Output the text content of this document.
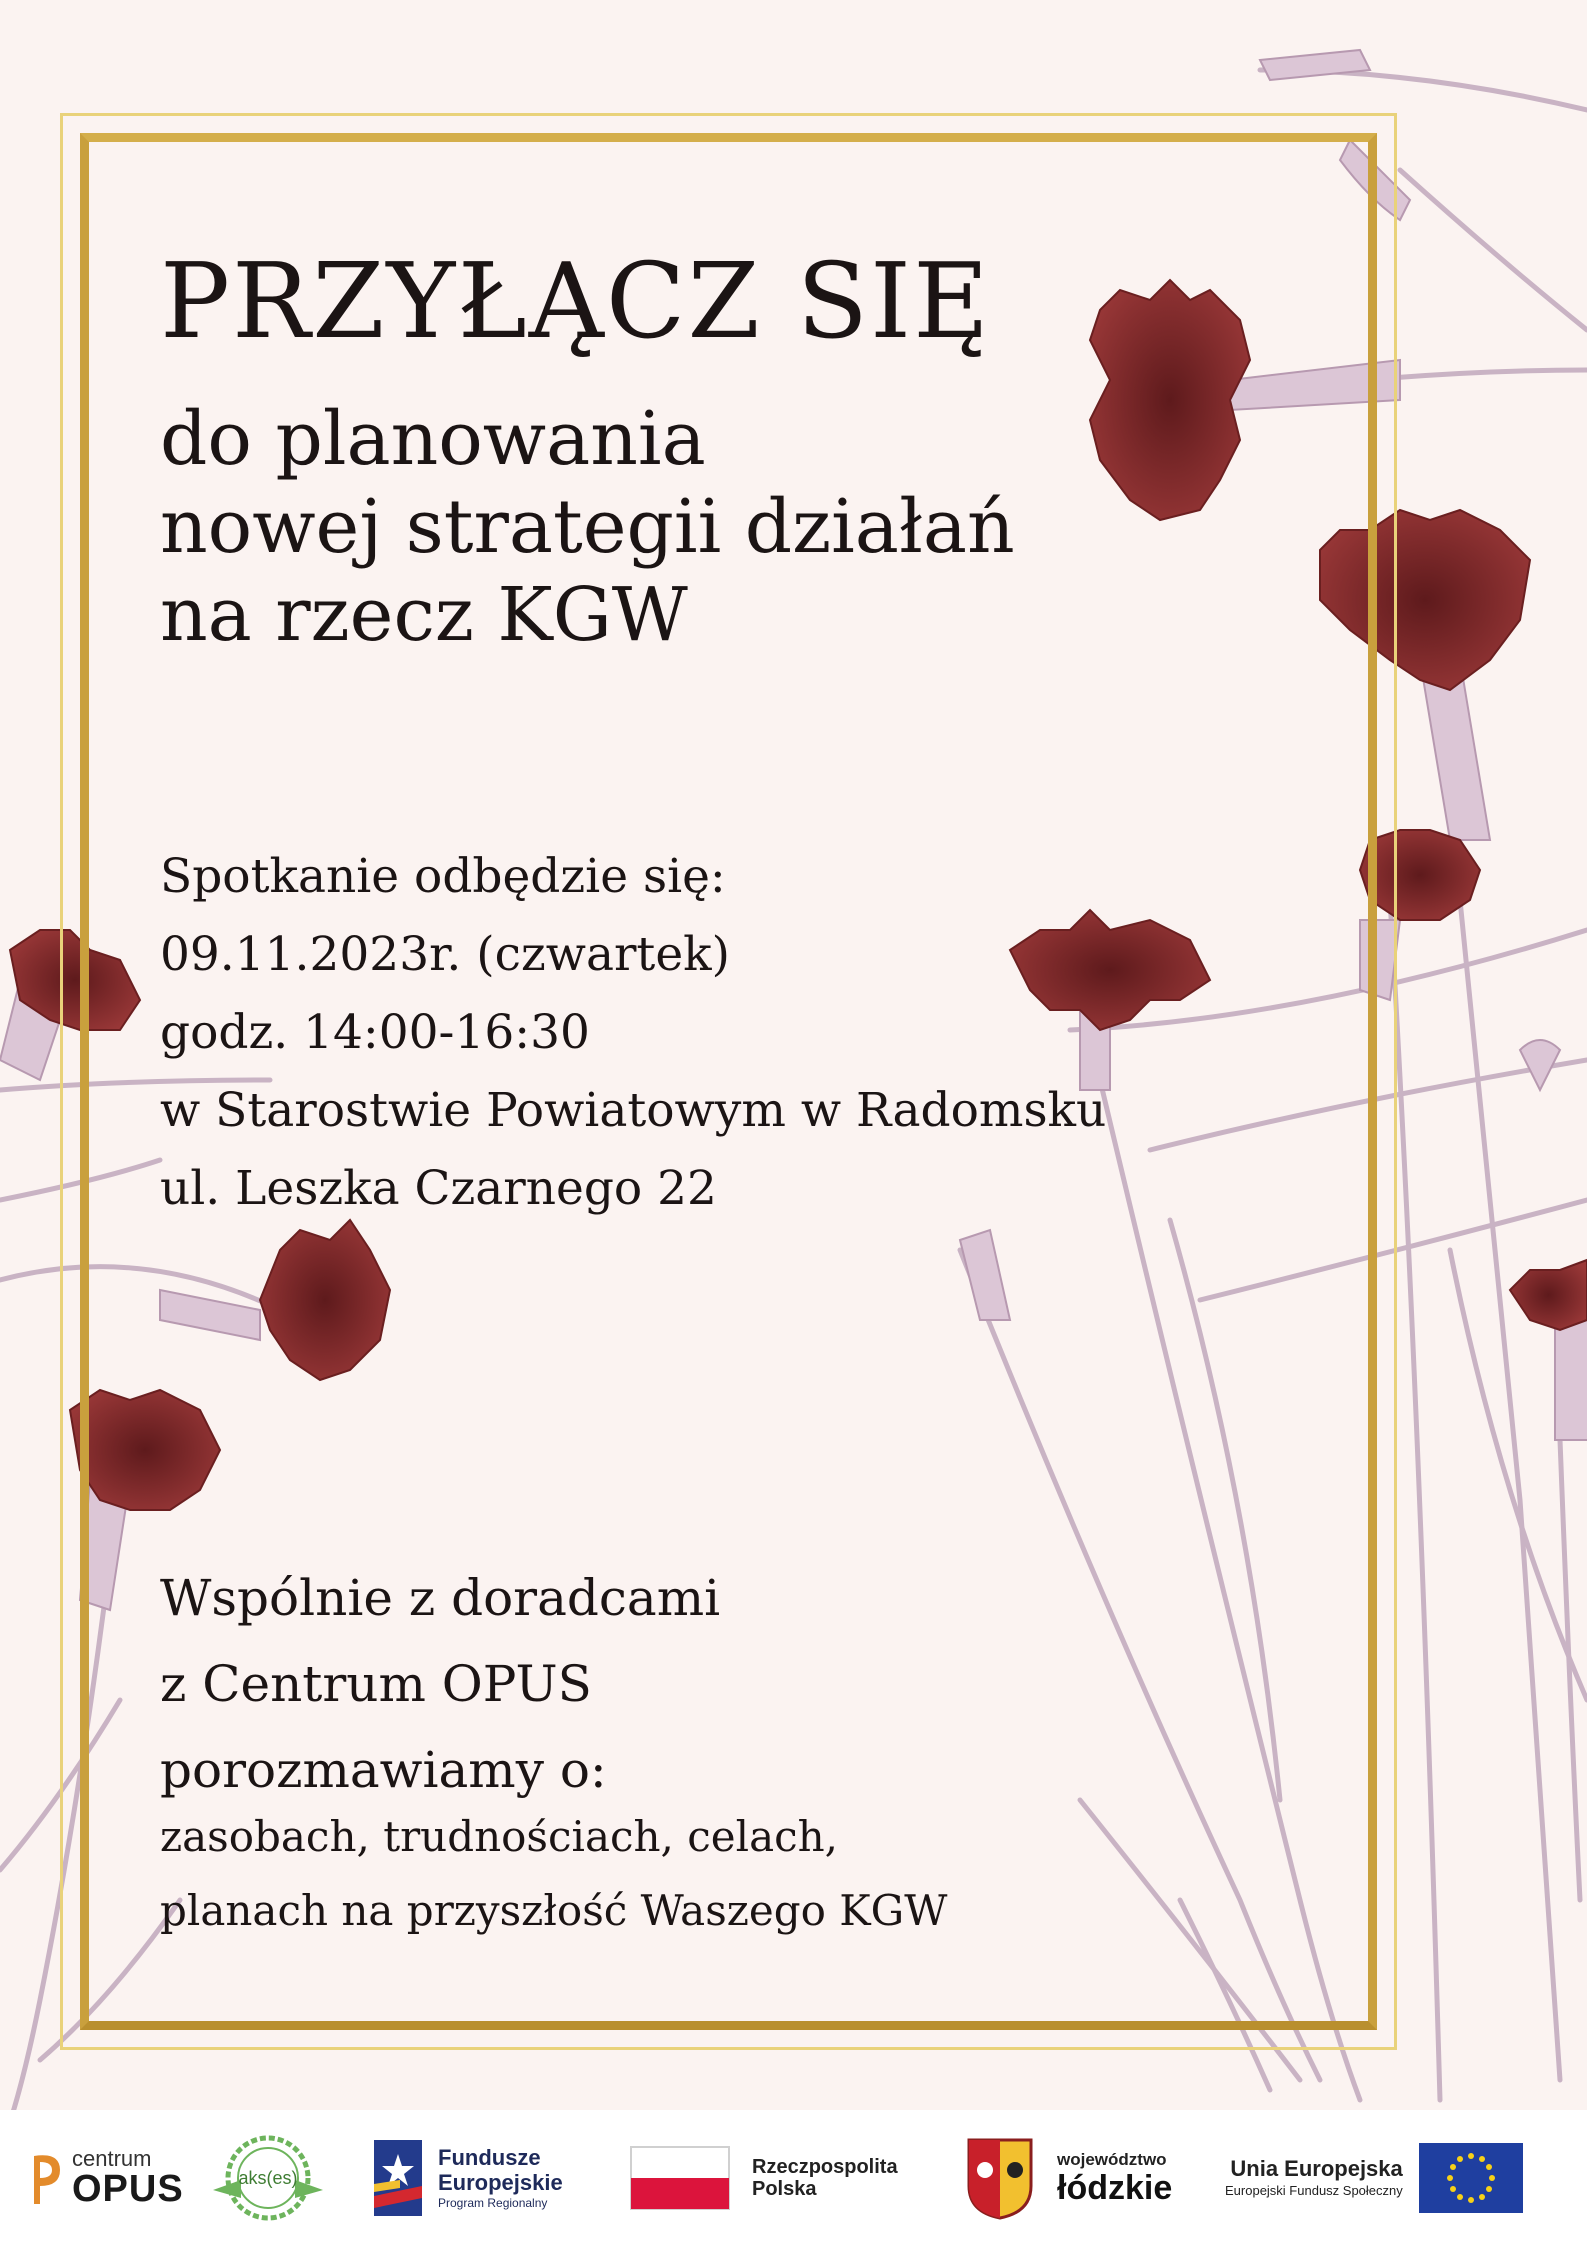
PRZYŁĄCZ SIĘ
do planowania
nowej strategii działań
na rzecz KGW

Spotkanie odbędzie się:
09.11.2023r. (czwartek)
godz. 14:00-16:30
w Starostwie Powiatowym w Radomsku
ul. Leszka Czarnego 22

Wspólnie z doradcami
z Centrum OPUS
porozmawiamy o:

zasobach, trudnościach, celach,
planach na przyszłość Waszego KGW

centrum
OPUS	aks(es)
Fundusze
Europejskie
Program Regionalny
Rzeczpospolita
Polska
województwo
łódzkie
Unia Europejska
Europejski Fundusz Społeczny
